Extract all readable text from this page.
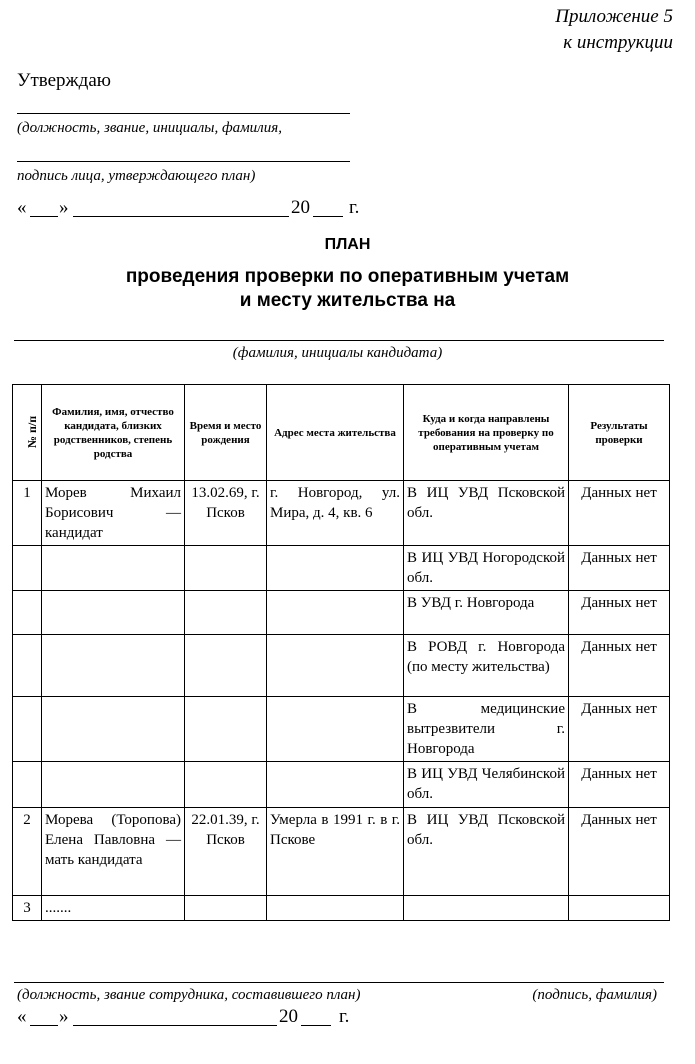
Приложение 5
к инструкции
Утверждаю
(должность, звание, инициалы, фамилия,
подпись лица, утверждающего план)
«	»	20 г.
ПЛАН
проведения проверки по оперативным учетам
и месту жительства на
(фамилия, инициалы кандидата)
№ п/п	Фамилия, имя, отчество кандидата, близких родственников, степень родства	Время и место рождения	Адрес места жительства	Куда и когда направлены требования на проверку по оперативным учетам	Результаты проверки
1	Морев Михаил Борисович — кандидат	13.02.69, г. Псков	г. Новгород, ул. Мира, д. 4, кв. 6	В ИЦ УВД Псковской обл.	Данных нет
				В ИЦ УВД Ногородской обл.	Данных нет
				В УВД г. Новгорода	Данных нет
				В РОВД г. Новгорода (по месту жительства)	Данных нет
				В медицинские вытрезвители г. Новгорода	Данных нет
				В ИЦ УВД Челябинской обл.	Данных нет
2	Морева (Торопова) Елена Павловна — мать кандидата	22.01.39, г. Псков	Умерла в 1991 г. в г. Пскове	В ИЦ УВД Псковской обл.	Данных нет
3	.......				
(должность, звание сотрудника, составившего план)	(подпись, фамилия)
« »	20 г.
